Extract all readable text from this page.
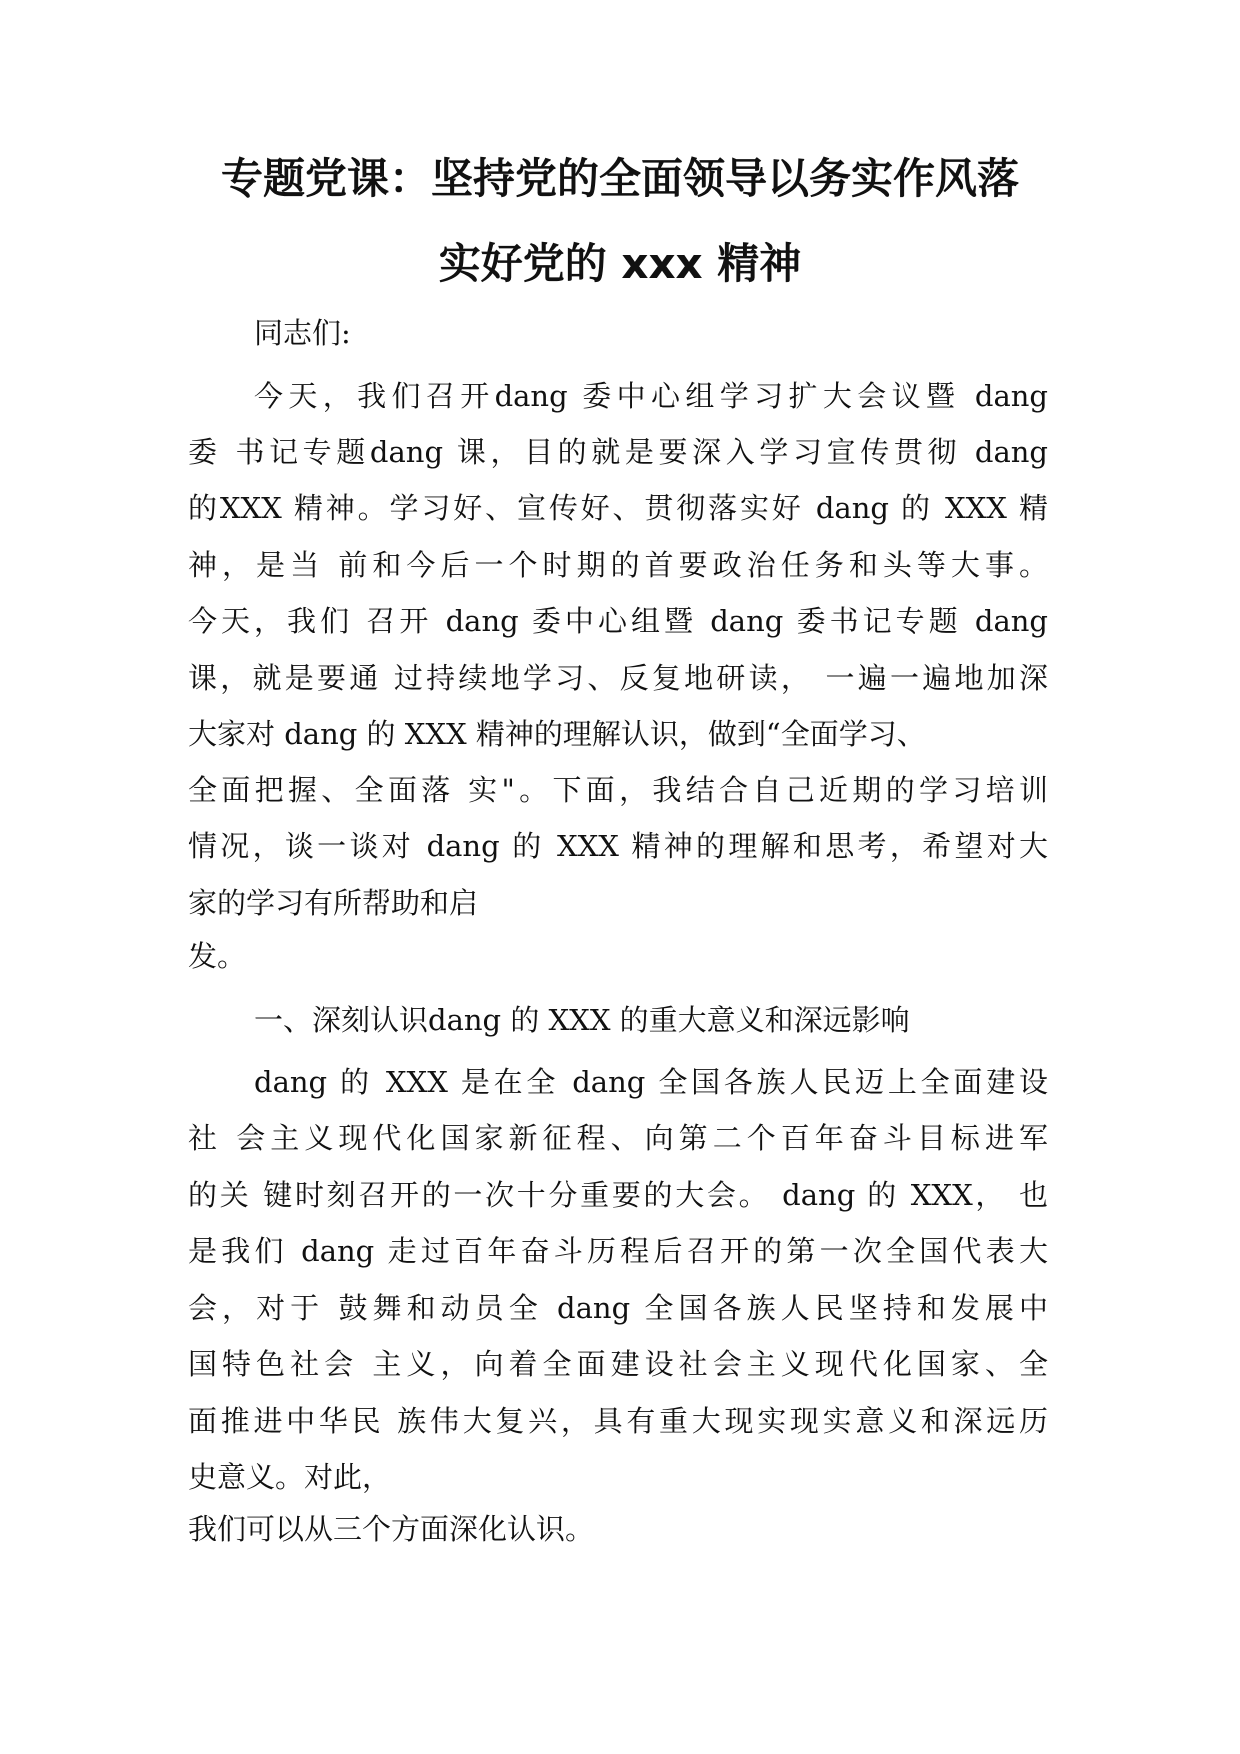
专题党课：坚持党的全面领导以务实作风落
实好党的 xxx 精神
同志们:
今天，我们召开dang 委中心组学习扩大会议暨 dang
委 书记专题dang 课，目的就是要深入学习宣传贯彻 dang
的XXX 精神。学习好、宣传好、贯彻落实好 dang 的 XXX 精
神，是当 前和今后一个时期的首要政治任务和头等大事。
今天，我们 召开 dang 委中心组暨 dang 委书记专题 dang
课，就是要通 过持续地学习、反复地研读， 一遍一遍地加深
大家对 dang 的 XXX 精神的理解认识，做到“全面学习、
全面把握、全面落 实"。下面，我结合自己近期的学习培训
情况，谈一谈对 dang 的 XXX 精神的理解和思考，希望对大
家的学习有所帮助和启
发。
一、深刻认识dang 的 XXX 的重大意义和深远影响
dang 的 XXX 是在全 dang 全国各族人民迈上全面建设
社 会主义现代化国家新征程、向第二个百年奋斗目标进军
的关 键时刻召开的一次十分重要的大会。 dang 的 XXX， 也
是我们 dang 走过百年奋斗历程后召开的第一次全国代表大
会，对于 鼓舞和动员全 dang 全国各族人民坚持和发展中
国特色社会 主义，向着全面建设社会主义现代化国家、全
面推进中华民 族伟大复兴，具有重大现实现实意义和深远历
史意义。对此，
我们可以从三个方面深化认识。
